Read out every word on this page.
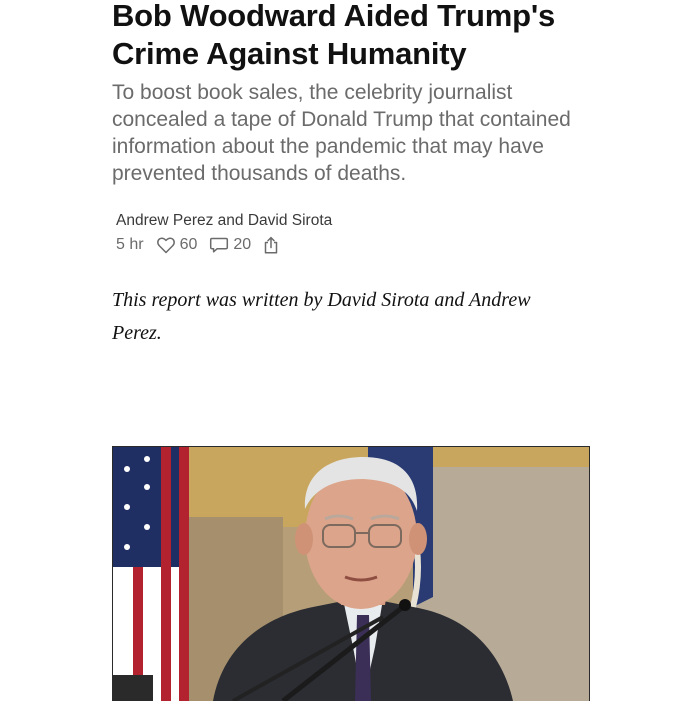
Bob Woodward Aided Trump's Crime Against Humanity

To boost book sales, the celebrity journalist concealed a tape of Donald Trump that contained information about the pandemic that may have prevented thousands of deaths.

Andrew Perez and David Sirota
5 hr 60 20
This report was written by David Sirota and Andrew Perez.
